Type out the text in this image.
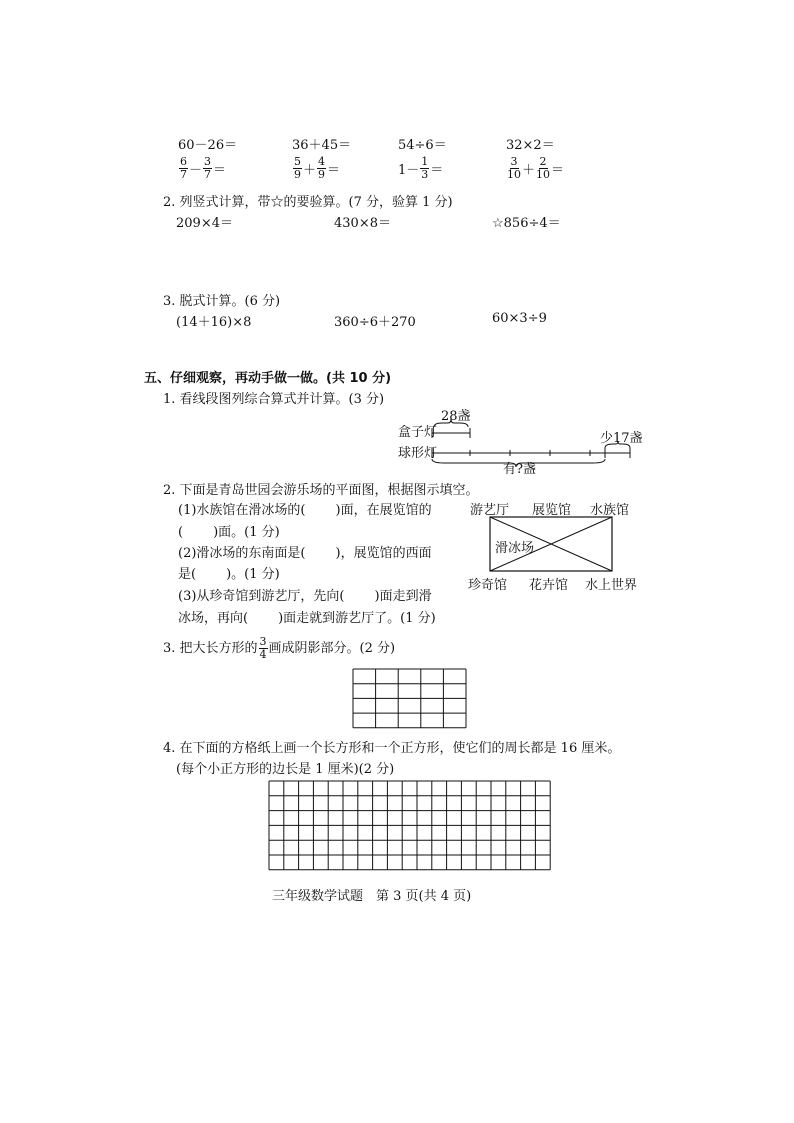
60－26＝	36＋45＝	54÷6＝	32×2＝
$\frac{6}{7} - \frac{3}{7}$ ＝	$\frac{5}{9} + \frac{4}{9}$ ＝	$1- \frac{1}{3}$ ＝	$\frac{3}{10} + \frac{2}{10}$ ＝
2. 列竖式计算，带☆的要验算。(7 分，验算 1 分)
209×4＝	430×8＝	☆856÷4＝
3. 脱式计算。(6 分)
(14＋16)×8	360÷6＋270	60×3÷9
五、仔细观察，再动手做一做。(共 10 分)
1. 看线段图列综合算式并计算。(3 分)
盒子灯
球形灯
28盏
少17盏
有?盏
2. 下面是青岛世园会游乐场的平面图，根据图示填空。
(1)水族馆在滑冰场的( )面，在展览馆的
( )面。(1 分)
(2)滑冰场的东南面是( )，展览馆的西面
是( )。(1 分)
(3)从珍奇馆到游艺厅，先向( )面走到滑
冰场，再向( )面走就到游艺厅了。(1 分)
游艺厅 展览馆 水族馆
滑冰场
珍奇馆 花卉馆 水上世界
3. 把大长方形的 $\frac{3}{4}$ 画成阴影部分。(2 分)
4. 在下面的方格纸上画一个长方形和一个正方形，使它们的周长都是 16 厘米。
(每个小正方形的边长是 1 厘米)(2 分)
三年级数学试题　第 3 页(共 4 页)
